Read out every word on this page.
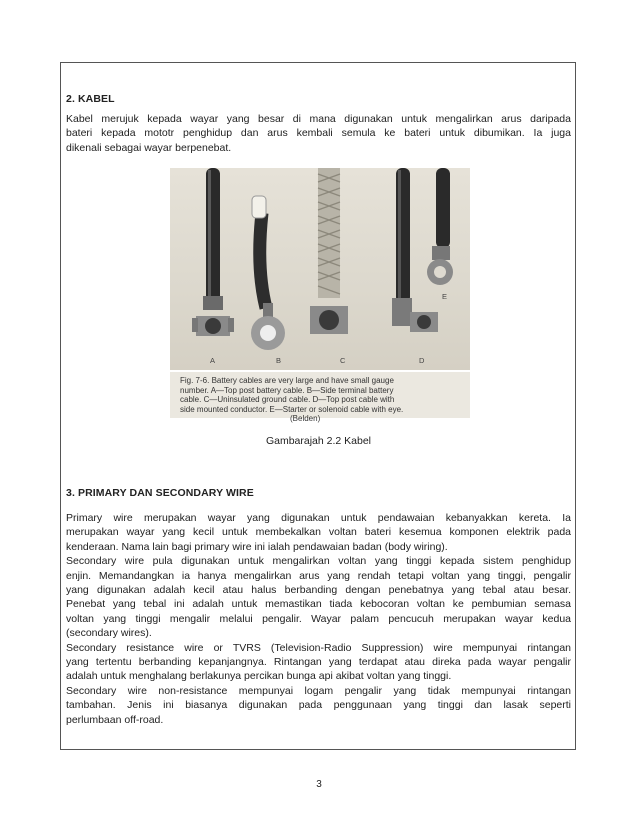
2. KABEL
Kabel merujuk kepada wayar yang besar di mana digunakan untuk mengalirkan arus daripada
bateri kepada mototr penghidup dan arus kembali semula ke bateri untuk dibumikan. Ia juga
dikenali sebagai wayar berpenebat.
A	B	C	D
E
Fig. 7-6. Battery cables are very large and have small gauge
number. A—Top post battery cable. B—Side terminal battery
cable. C—Uninsulated ground cable. D—Top post cable with
side mounted conductor. E—Starter or solenoid cable with eye.
(Belden)
Gambarajah 2.2 Kabel
3. PRIMARY DAN SECONDARY WIRE
Primary wire merupakan wayar yang digunakan untuk pendawaian kebanyakkan kereta. Ia
merupakan wayar yang kecil untuk membekalkan voltan bateri kesemua komponen elektrik pada
kenderaan. Nama lain bagi primary wire ini ialah pendawaian badan (body wiring).
Secondary wire pula digunakan untuk mengalirkan voltan yang tinggi kepada sistem penghidup
enjin. Memandangkan ia hanya mengalirkan arus yang rendah tetapi voltan yang tinggi, pengalir
yang digunakan adalah kecil atau halus berbanding dengan penebatnya yang tebal atau besar.
Penebat yang tebal ini adalah untuk memastikan tiada kebocoran voltan ke pembumian semasa
voltan yang tinggi mengalir melalui pengalir. Wayar palam pencucuh merupakan wayar kedua
(secondary wires).
Secondary resistance wire or TVRS (Television-Radio Suppression) wire mempunyai rintangan
yang tertentu berbanding kepanjangnya. Rintangan yang terdapat atau direka pada wayar pengalir
adalah untuk menghalang berlakunya percikan bunga api akibat voltan yang tinggi.
Secondary wire non-resistance mempunyai logam pengalir yang tidak mempunyai rintangan
tambahan. Jenis ini biasanya digunakan pada penggunaan yang tinggi dan lasak seperti
perlumbaan off-road.
3
